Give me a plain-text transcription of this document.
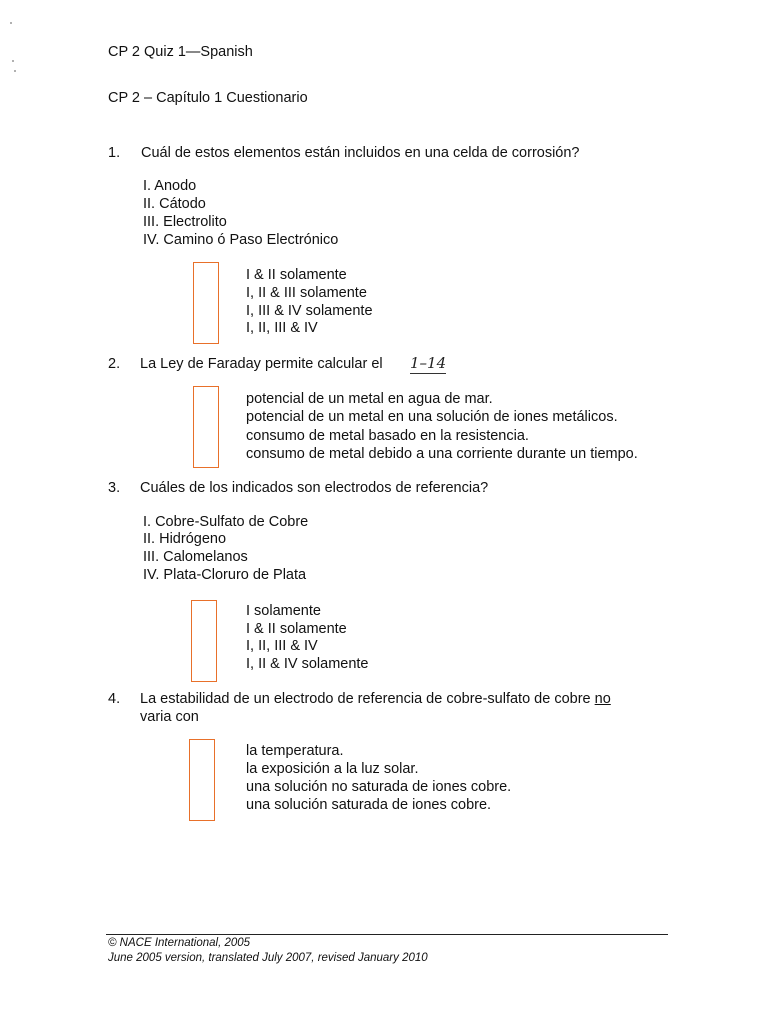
CP 2 Quiz 1—Spanish
CP 2 – Capítulo 1 Cuestionario
1. Cuál de estos elementos están incluidos en una celda de corrosión?
I. Anodo
II. Cátodo
III. Electrolito
IV. Camino ó Paso Electrónico
I & II solamente
I, II & III solamente
I, III & IV solamente
I, II, III & IV
2. La Ley de Faraday permite calcular el 1–14
potencial de un metal en agua de mar.
potencial de un metal en una solución de iones metálicos.
consumo de metal basado en la resistencia.
consumo de metal debido a una corriente durante un tiempo.
3. Cuáles de los indicados son electrodos de referencia?
I. Cobre-Sulfato de Cobre
II. Hidrógeno
III. Calomelanos
IV. Plata-Cloruro de Plata
I solamente
I & II solamente
I, II, III & IV
I, II & IV solamente
4. La estabilidad de un electrodo de referencia de cobre-sulfato de cobre no
varia con
la temperatura.
la exposición a la luz solar.
una solución no saturada de iones cobre.
una solución saturada de iones cobre.
© NACE International, 2005
June 2005 version, translated July 2007, revised January 2010
